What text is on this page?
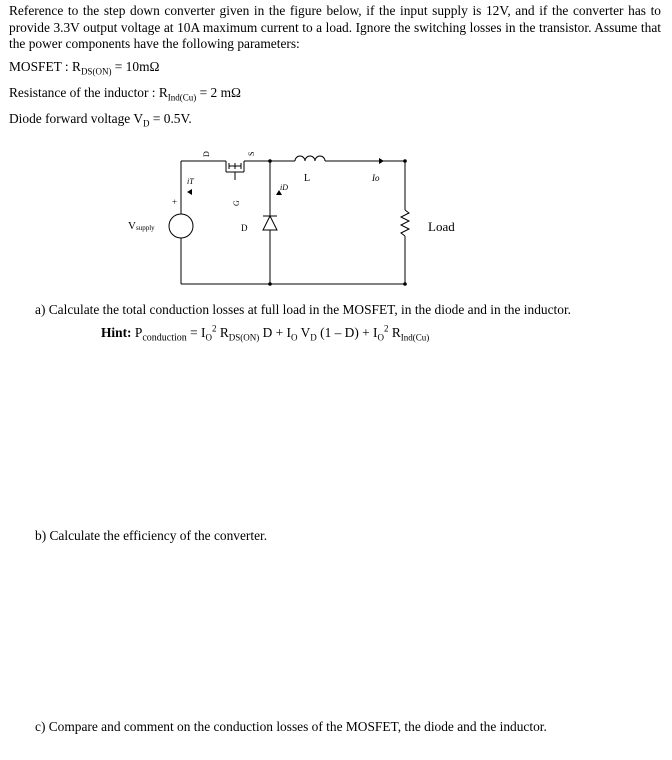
Reference to the step down converter given in the figure below, if the input supply is 12V, and if the converter has to provide 3.3V output voltage at 10A maximum current to a load. Ignore the switching losses in the transistor. Assume that the power components have the following parameters:
MOSFET : $R_{DS(ON)} = 10m\Omega$
Resistance of the inductor : $R_{Ind(Cu)} = 2$ mΩ
Diode forward voltage $V_D = 0.5V$.
D	S
G
L	Io
iT
iD
+
V supply	D	Load
a) Calculate the total conduction losses at full load in the MOSFET, in the diode and in the inductor.
Hint: $P_{conduction} = I_O^2$ $R_{DS(ON)}$ $D + I_O$ $V_D$ $(1 - D) + I_O^2$ $R_{Ind(Cu)}$
b) Calculate the efficiency of the converter.
c) Compare and comment on the conduction losses of the MOSFET, the diode and the inductor.
